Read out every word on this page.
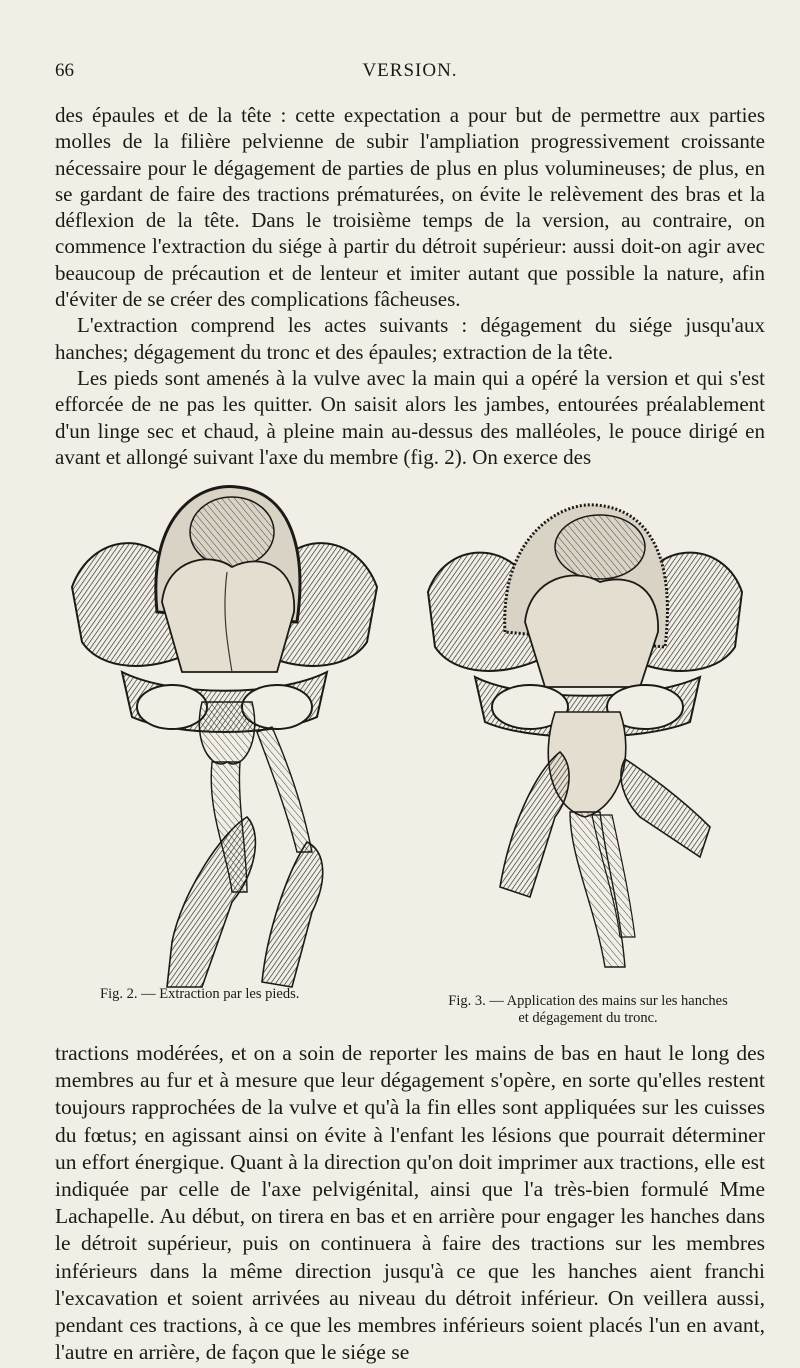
66	VERSION.

des épaules et de la tête : cette expectation a pour but de permettre aux parties molles de la filière pelvienne de subir l'ampliation progressivement croissante nécessaire pour le dégagement de parties de plus en plus volumineuses; de plus, en se gardant de faire des tractions prématurées, on évite le relèvement des bras et la déflexion de la tête. Dans le troisième temps de la version, au contraire, on commence l'extraction du siége à partir du détroit supérieur: aussi doit-on agir avec beaucoup de précaution et de lenteur et imiter autant que possible la nature, afin d'éviter de se créer des complications fâcheuses.

L'extraction comprend les actes suivants : dégagement du siége jusqu'aux hanches; dégagement du tronc et des épaules; extraction de la tête.

Les pieds sont amenés à la vulve avec la main qui a opéré la version et qui s'est efforcée de ne pas les quitter. On saisit alors les jambes, entourées préalablement d'un linge sec et chaud, à pleine main au-dessus des malléoles, le pouce dirigé en avant et allongé suivant l'axe du membre (fig. 2). On exerce des

Fig. 2. — Extraction par les pieds.	Fig. 3. — Application des mains sur les hanches
et dégagement du tronc.

tractions modérées, et on a soin de reporter les mains de bas en haut le long des membres au fur et à mesure que leur dégagement s'opère, en sorte qu'elles restent toujours rapprochées de la vulve et qu'à la fin elles sont appliquées sur les cuisses du fœtus; en agissant ainsi on évite à l'enfant les lésions que pourrait déterminer un effort énergique. Quant à la direction qu'on doit imprimer aux tractions, elle est indiquée par celle de l'axe pelvigénital, ainsi que l'a très-bien formulé Mme Lachapelle. Au début, on tirera en bas et en arrière pour engager les hanches dans le détroit supérieur, puis on continuera à faire des tractions sur les membres inférieurs dans la même direction jusqu'à ce que les hanches aient franchi l'excavation et soient arrivées au niveau du détroit inférieur. On veillera aussi, pendant ces tractions, à ce que les membres inférieurs soient placés l'un en avant, l'autre en arrière, de façon que le siége se
